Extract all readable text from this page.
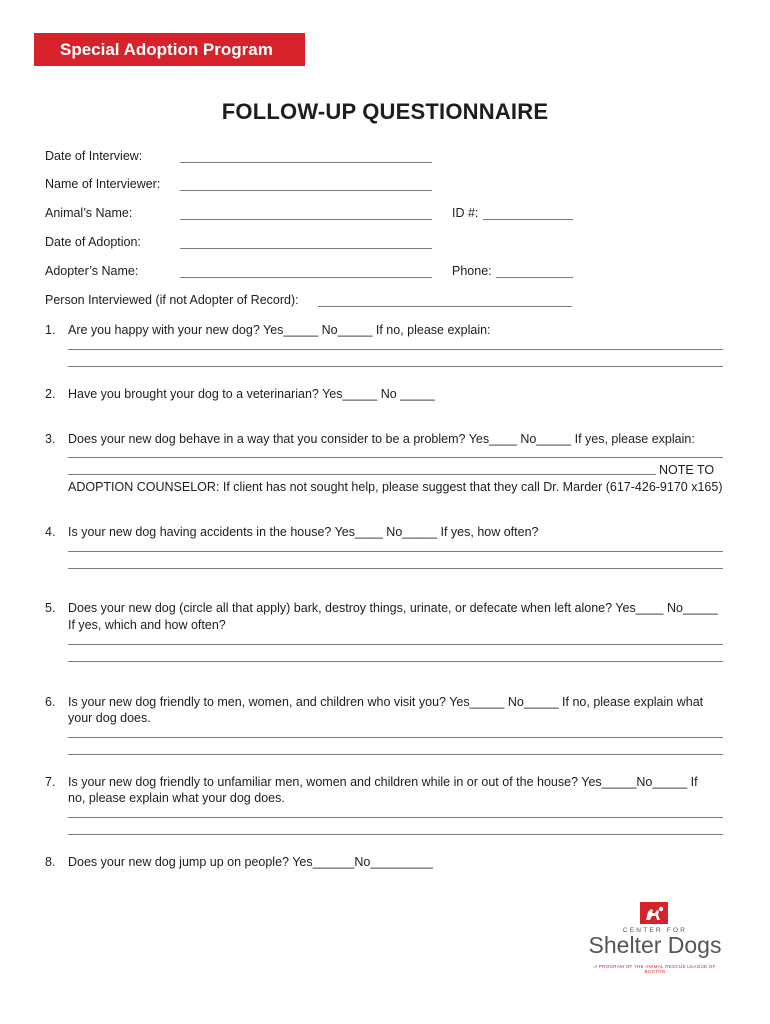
Special Adoption Program
FOLLOW-UP QUESTIONNAIRE
Date of Interview:
Name of Interviewer:
Animal’s Name:	ID #:
Date of Adoption:
Adopter’s Name:	Phone:
Person Interviewed (if not Adopter of Record):
1. Are you happy with your new dog? Yes_____ No_____ If no, please explain:
2. Have you brought your dog to a veterinarian? Yes_____ No _____
3. Does your new dog behave in a way that you consider to be a problem? Yes____ No_____ If yes, please explain:
NOTE TO
ADOPTION COUNSELOR: If client has not sought help, please suggest that they call Dr. Marder (617-426-9170 x165)
4. Is your new dog having accidents in the house? Yes____ No_____ If yes, how often?
5. Does your new dog (circle all that apply) bark, destroy things, urinate, or defecate when left alone? Yes____ No_____
If yes, which and how often?
6. Is your new dog friendly to men, women, and children who visit you? Yes_____ No_____ If no, please explain what
your dog does.
7. Is your new dog friendly to unfamiliar men, women and children while in or out of the house? Yes_____No_____ If
no, please explain what your dog does.
8. Does your new dog jump up on people? Yes______No_________
CENTER FOR
Shelter Dogs
A PROGRAM OF THE ANIMAL RESCUE LEAGUE OF BOSTON
